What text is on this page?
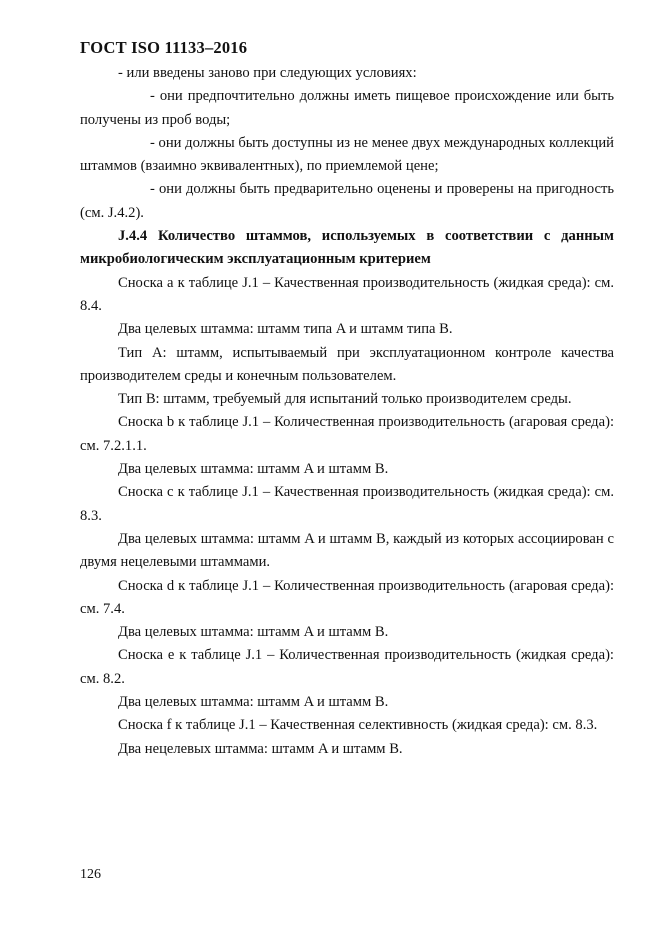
ГОСТ ISO 11133–2016

- или введены заново при следующих условиях:

- они предпочтительно должны иметь пищевое происхождение или быть получены из проб воды;

- они должны быть доступны из не менее двух международных коллекций штаммов (взаимно эквивалентных), по приемлемой цене;

- они должны быть предварительно оценены и проверены на пригодность (см. J.4.2).

J.4.4 Количество штаммов, используемых в соответствии с данным микробиологическим эксплуатационным критерием

Сноска a к таблице J.1 – Качественная производительность (жидкая среда): см. 8.4.

Два целевых штамма: штамм типа A и штамм типа B.

Тип A: штамм, испытываемый при эксплуатационном контроле качества производителем среды и конечным пользователем.

Тип B: штамм, требуемый для испытаний только производителем среды.

Сноска b к таблице J.1 – Количественная производительность (агаровая среда): см. 7.2.1.1.

Два целевых штамма: штамм A и штамм B.

Сноска c к таблице J.1 – Качественная производительность (жидкая среда): см. 8.3.

Два целевых штамма: штамм A и штамм B, каждый из которых ассоциирован с двумя нецелевыми штаммами.

Сноска d к таблице J.1 – Количественная производительность (агаровая среда): см. 7.4.

Два целевых штамма: штамм A и штамм B.

Сноска e к таблице J.1 – Количественная производительность (жидкая среда): см. 8.2.

Два целевых штамма: штамм A и штамм B.

Сноска f к таблице J.1 – Качественная селективность (жидкая среда): см. 8.3.

Два нецелевых штамма: штамм A и штамм B.

126
